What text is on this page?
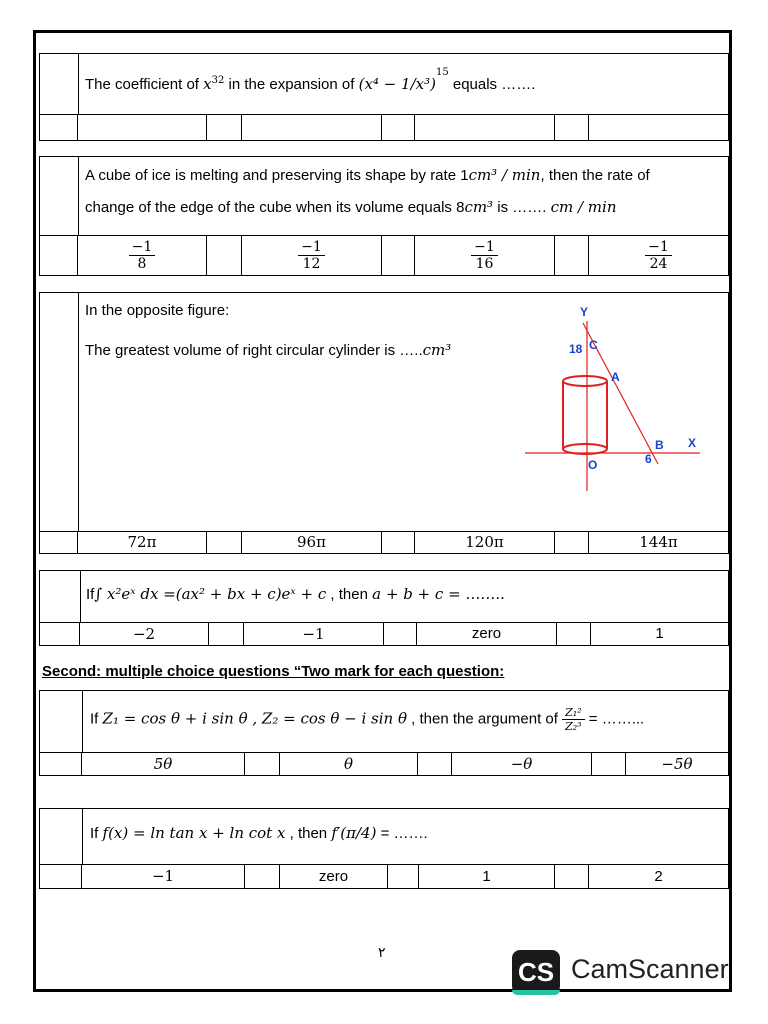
The coefficient of $x^{32}$ in the expansion of $(x^4 - 1/x^3)^{15}$ equals …….
A cube of ice is melting and preserving its shape by rate 1cm³ / min, then the rate of
change of the edge of the cube when its volume equals 8cm³ is ……. cm / min
$\frac{-1}{8}$	$\frac{-1}{12}$	$\frac{-1}{16}$	$\frac{-1}{24}$
In the opposite figure:
The greatest volume of right circular cylinder is …..cm³
Y
18 C
A
B X
6
O
72π	96π	120π	144π
If∫ x²eˣ dx =(ax² + bx + c)eˣ + c , then a + b + c = ……..
−2	−1	zero	1
Second: multiple choice questions “Two mark for each question:
If Z₁ = cos θ + i sin θ , Z₂ = cos θ − i sin θ , then the argument of $\frac{\text{Z₁²}}{\text{Z₂³}}$ = ……...
5θ	θ	−θ	−5θ
If f(x) = ln tan x + ln cot x , then f′(π/4) = …….
−1	zero	1	2
٢
CS CamScanner
